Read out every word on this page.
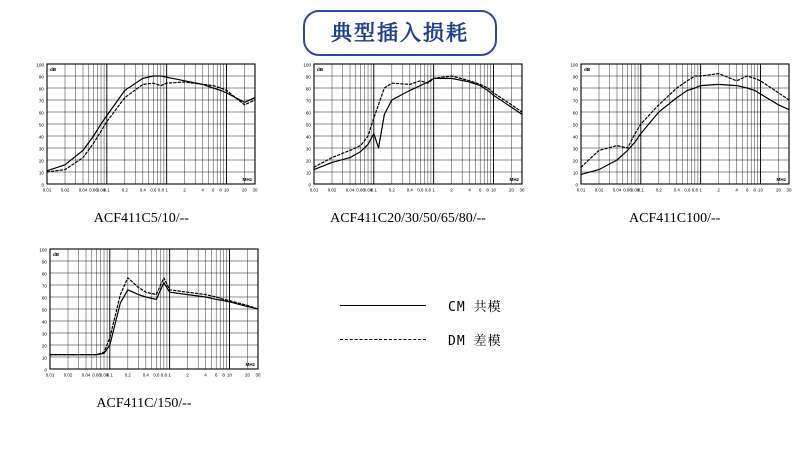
典型插入损耗
0
10
20
30
40
50
60
70
80
90
100
dB
MHz
0.01 0.02 0.04 0.06
0.08
0.1	0.2	0.4 0.6 0.8 1	2	4 6 8 10	20 30
ACF411C5/10/--
0
10
20
30
40
50
60
70
80
90
100
dB
MHz
0.01 0.02 0.04 0.06
0.08
0.1	0.2	0.4 0.6 0.8 1	2	4 6 8 10	20 30
ACF411C20/30/50/65/80/--
0
10
20
30
40
50
60
70
80
90
100
dB
MHz
0.01 0.02 0.04 0.06
0.08
0.1	0.2	0.4 0.6 0.8 1	2	4 6 8 10	20 30
ACF411C100/--
0
10
20
30
40
50
60
70
80
90
100
dB
MHz
0.01 0.02 0.04 0.06
0.08
0.1	0.2	0.4 0.6 0.8 1	2	4 6 8 10	20 30
ACF411C/150/--
CM 共模
DM 差模
